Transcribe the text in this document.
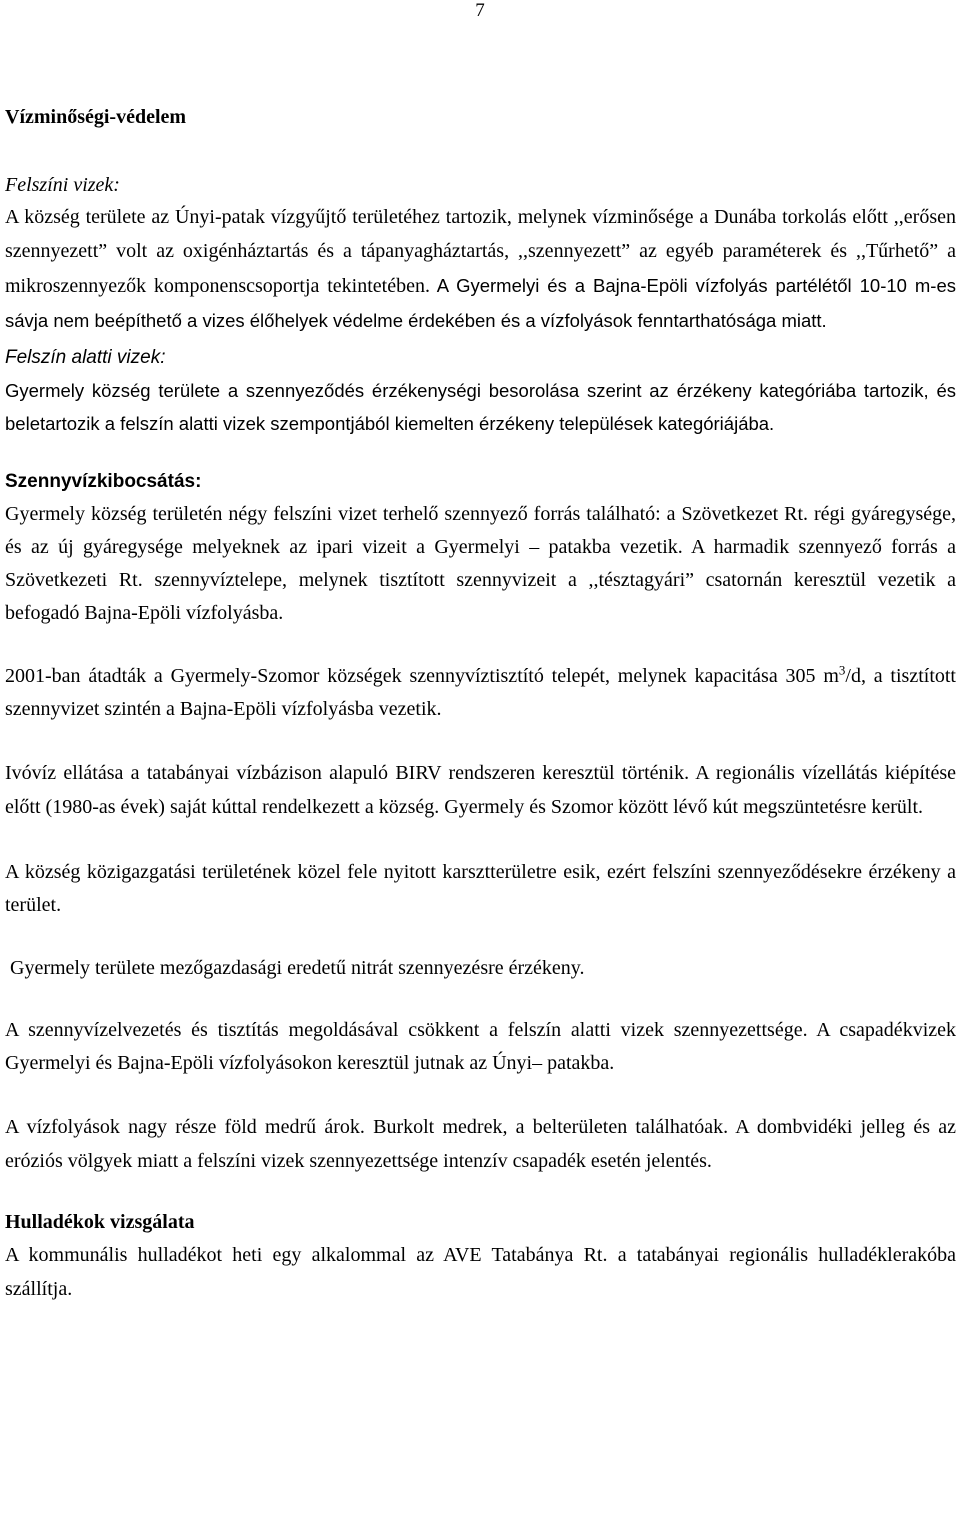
7
Vízminőségi-védelem
Felszíni vizek:

A község területe az Únyi-patak vízgyűjtő területéhez tartozik, melynek vízminősége a Dunába torkolás előtt ,,erősen szennyezett” volt az oxigénháztartás és a tápanyagháztartás, ,,szennyezett” az egyéb paraméterek és ,,Tűrhető” a mikroszennyezők komponenscsoportja tekintetében. A Gyermelyi és a Bajna-Epöli vízfolyás partélétől 10-10 m-es sávja nem beépíthető a vizes élőhelyek védelme érdekében és a vízfolyások fenntarthatósága miatt.

Felszín alatti vizek:

Gyermely község területe a szennyeződés érzékenységi besorolása szerint az érzékeny kategóriába tartozik, és beletartozik a felszín alatti vizek szempontjából kiemelten érzékeny települések kategóriájába.

Szennyvízkibocsátás:

Gyermely község területén négy felszíni vizet terhelő szennyező forrás található: a Szövetkezet Rt. régi gyáregysége, és az új gyáregysége melyeknek az ipari vizeit a Gyermelyi – patakba vezetik. A harmadik szennyező forrás a Szövetkezeti Rt. szennyvíztelepe, melynek tisztított szennyvizeit a ,,tésztagyári” csatornán keresztül vezetik a befogadó Bajna-Epöli vízfolyásba.

2001-ban átadták a Gyermely-Szomor községek szennyvíztisztító telepét, melynek kapacitása 305 $m^3/d$, a tisztított szennyvizet szintén a Bajna-Epöli vízfolyásba vezetik.

Ivóvíz ellátása a tatabányai vízbázison alapuló BIRV rendszeren keresztül történik. A regionális vízellátás kiépítése előtt (1980-as évek) saját kúttal rendelkezett a község. Gyermely és Szomor között lévő kút megszüntetésre került.

A község közigazgatási területének közel fele nyitott karsztterületre esik, ezért felszíni szennyeződésekre érzékeny a terület.

Gyermely területe mezőgazdasági eredetű nitrát szennyezésre érzékeny.

A szennyvízelvezetés és tisztítás megoldásával csökkent a felszín alatti vizek szennyezettsége. A csapadékvizek Gyermelyi és Bajna-Epöli vízfolyásokon keresztül jutnak az Únyi– patakba.

A vízfolyások nagy része föld medrű árok. Burkolt medrek, a belterületen találhatóak. A dombvidéki jelleg és az eróziós völgyek miatt a felszíni vizek szennyezettsége intenzív csapadék esetén jelentés.

Hulladékok vizsgálata

A kommunális hulladékot heti egy alkalommal az AVE Tatabánya Rt. a tatabányai regionális hulladéklerakóba szállítja.
